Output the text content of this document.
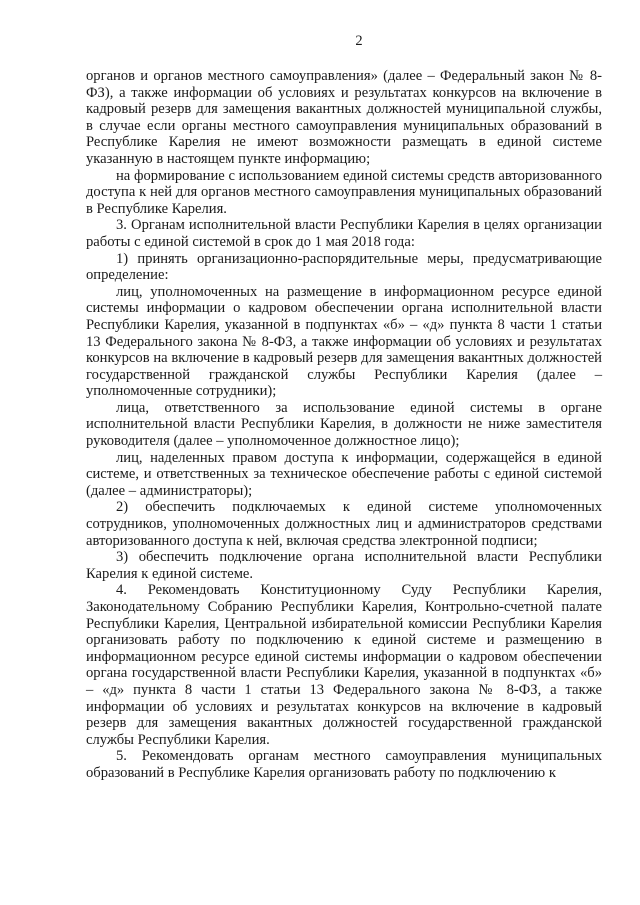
2

органов и органов местного самоуправления» (далее – Федеральный закон № 8-ФЗ), а также информации об условиях и результатах конкурсов на включение в кадровый резерв для замещения вакантных должностей муниципальной службы, в случае если органы местного самоуправления муниципальных образований в Республике Карелия не имеют возможности размещать в единой системе указанную в настоящем пункте информацию;

на формирование с использованием единой системы средств авторизованного доступа к ней для органов местного самоуправления муниципальных образований в Республике Карелия.

3. Органам исполнительной власти Республики Карелия в целях организации работы с единой системой в срок до 1 мая 2018 года:

1) принять организационно-распорядительные меры, предусматривающие определение:

лиц, уполномоченных на размещение в информационном ресурсе единой системы информации о кадровом обеспечении органа исполнительной власти Республики Карелия, указанной в подпунктах «б» – «д» пункта 8 части 1 статьи 13 Федерального закона № 8-ФЗ, а также информации об условиях и результатах конкурсов на включение в кадровый резерв для замещения вакантных должностей государственной гражданской службы Республики Карелия (далее – уполномоченные сотрудники);

лица, ответственного за использование единой системы в органе исполнительной власти Республики Карелия, в должности не ниже заместителя руководителя (далее – уполномоченное должностное лицо);

лиц, наделенных правом доступа к информации, содержащейся в единой системе, и ответственных за техническое обеспечение работы с единой системой (далее – администраторы);

2) обеспечить подключаемых к единой системе уполномоченных сотрудников, уполномоченных должностных лиц и администраторов средствами авторизованного доступа к ней, включая средства электронной подписи;

3) обеспечить подключение органа исполнительной власти Республики Карелия к единой системе.

4. Рекомендовать Конституционному Суду Республики Карелия, Законодательному Собранию Республики Карелия, Контрольно-счетной палате Республики Карелия, Центральной избирательной комиссии Республики Карелия организовать работу по подключению к единой системе и размещению в информационном ресурсе единой системы информации о кадровом обеспечении органа государственной власти Республики Карелия, указанной в подпунктах «б» – «д» пункта 8 части 1 статьи 13 Федерального закона № 8-ФЗ, а также информации об условиях и результатах конкурсов на включение в кадровый резерв для замещения вакантных должностей государственной гражданской службы Республики Карелия.

5. Рекомендовать органам местного самоуправления муниципальных образований в Республике Карелия организовать работу по подключению к
